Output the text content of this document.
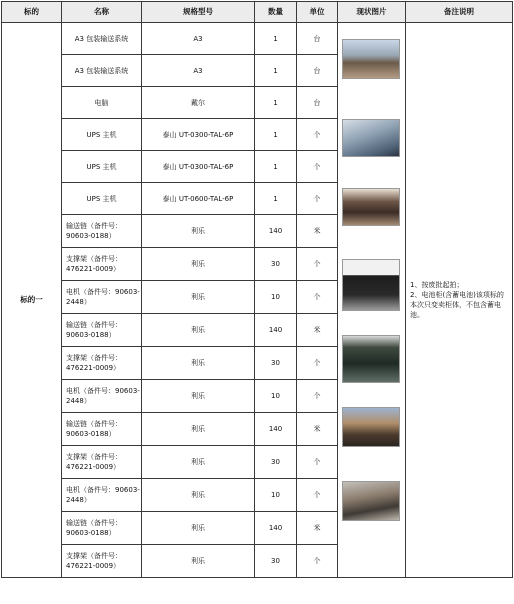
标的	名称	规格型号	数量	单位	现状图片	备注说明
标的一	A3 包装输送系统	A3	1	台		1、按废批起拍；
2、电池柜(含蓄电池)该项标的本次只变卖柜体，不包含蓄电池。

	A3 包装输送系统	A3	1	台		
	电脑	戴尔	1	台		
	UPS 主机	泰山 UT-0300-TAL-6P	1	个		
	UPS 主机	泰山 UT-0300-TAL-6P	1	个		
	UPS 主机	泰山 UT-0600-TAL-6P	1	个		
	输送链（备件号：90603-0188）	利乐	140	米		
	支撑架（备件号：476221-0009）	利乐	30	个		
	电机（备件号：90603-2448）	利乐	10	个		
	输送链（备件号：90603-0188）	利乐	140	米		
	支撑架（备件号：476221-0009）	利乐	30	个		
	电机（备件号：90603-2448）	利乐	10	个		
	输送链（备件号：90603-0188）	利乐	140	米		
	支撑架（备件号：476221-0009）	利乐	30	个		
	电机（备件号：90603-2448）	利乐	10	个		
	输送链（备件号：90603-0188）	利乐	140	米		
	支撑架（备件号：476221-0009）	利乐	30	个		
